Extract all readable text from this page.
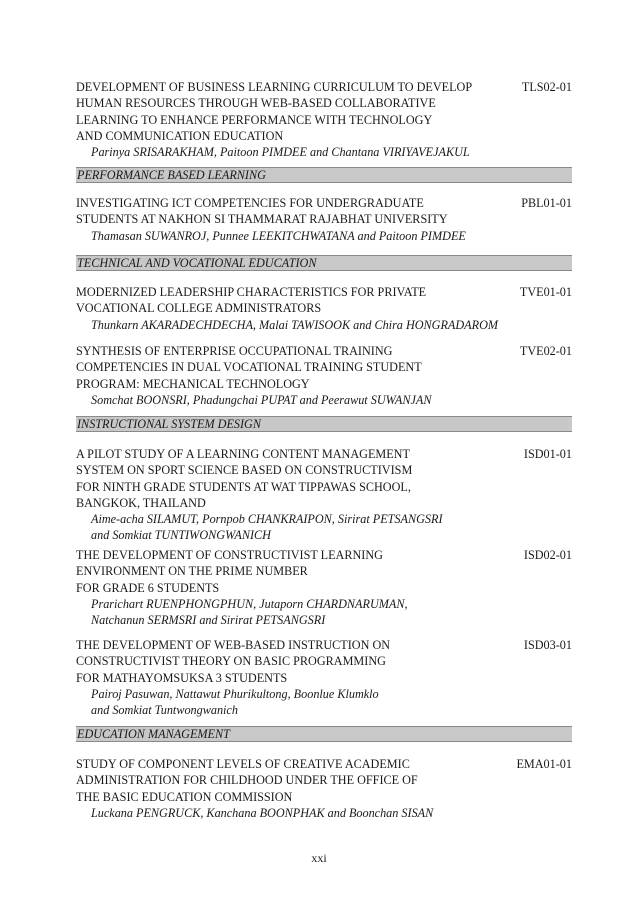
DEVELOPMENT OF BUSINESS LEARNING CURRICULUM TO DEVELOP
HUMAN RESOURCES THROUGH WEB-BASED COLLABORATIVE
LEARNING TO ENHANCE PERFORMANCE WITH TECHNOLOGY
AND COMMUNICATION EDUCATION
TLS02-01
Parinya SRISARAKHAM, Paitoon PIMDEE and Chantana VIRIYAVEJAKUL
PERFORMANCE BASED LEARNING
INVESTIGATING ICT COMPETENCIES FOR UNDERGRADUATE
STUDENTS AT NAKHON SI THAMMARAT RAJABHAT UNIVERSITY
PBL01-01
Thamasan SUWANROJ, Punnee LEEKITCHWATANA and Paitoon PIMDEE
TECHNICAL AND VOCATIONAL EDUCATION
MODERNIZED LEADERSHIP CHARACTERISTICS FOR PRIVATE
VOCATIONAL COLLEGE ADMINISTRATORS
TVE01-01
Thunkarn AKARADECHDECHA, Malai TAWISOOK and Chira HONGRADAROM
SYNTHESIS OF ENTERPRISE OCCUPATIONAL TRAINING
COMPETENCIES IN DUAL VOCATIONAL TRAINING STUDENT
PROGRAM: MECHANICAL TECHNOLOGY
TVE02-01
Somchat BOONSRI, Phadungchai PUPAT and Peerawut SUWANJAN
INSTRUCTIONAL SYSTEM DESIGN
A PILOT STUDY OF A LEARNING CONTENT MANAGEMENT
SYSTEM ON SPORT SCIENCE BASED ON CONSTRUCTIVISM
FOR NINTH GRADE STUDENTS AT WAT TIPPAWAS SCHOOL,
BANGKOK, THAILAND
ISD01-01
Aime-acha SILAMUT, Pornpob CHANKRAIPON, Sirirat PETSANGSRI
and Somkiat TUNTIWONGWANICH
THE DEVELOPMENT OF CONSTRUCTIVIST LEARNING
ENVIRONMENT ON THE PRIME NUMBER
FOR GRADE 6 STUDENTS
ISD02-01
Prarichart RUENPHONGPHUN, Jutaporn CHARDNARUMAN,
Natchanun SERMSRI and Sirirat PETSANGSRI
THE DEVELOPMENT OF WEB-BASED INSTRUCTION ON
CONSTRUCTIVIST THEORY ON BASIC PROGRAMMING
FOR MATHAYOMSUKSA 3 STUDENTS
ISD03-01
Pairoj Pasuwan, Nattawut Phurikultong, Boonlue Klumklo
and Somkiat Tuntwongwanich
EDUCATION MANAGEMENT
STUDY OF COMPONENT LEVELS OF CREATIVE ACADEMIC
ADMINISTRATION FOR CHILDHOOD UNDER THE OFFICE OF
THE BASIC EDUCATION COMMISSION
EMA01-01
Luckana PENGRUCK, Kanchana BOONPHAK and Boonchan SISAN
xxi
